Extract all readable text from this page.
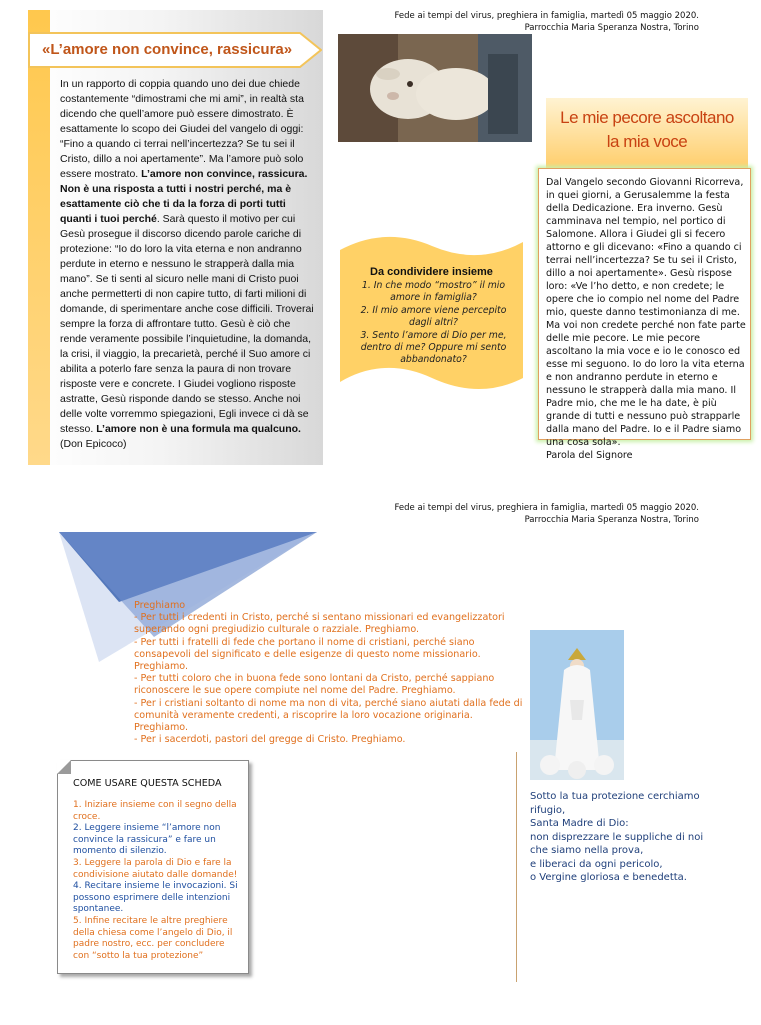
Fede ai tempi del virus, preghiera in famiglia, martedì 05 maggio 2020.
Parrocchia Maria Speranza Nostra, Torino
Fede ai tempi del virus, preghiera in famiglia, martedì 05 maggio 2020.
Parrocchia Maria Speranza Nostra, Torino
«L’amore non convince, rassicura»
In un rapporto di coppia quando uno dei due chiede costantemente “dimostrami che mi ami”, in realtà sta dicendo che quell’amore può essere dimostrato. È esattamente lo scopo dei Giudei del vangelo di oggi: “Fino a quando ci terrai nell’incertezza? Se tu sei il Cristo, dillo a noi apertamente”. Ma l’amore può solo essere mostrato. L’amore non convince, rassicura. Non è una risposta a tutti i nostri perché, ma è esattamente ciò che ti da la forza di porti tutti quanti i tuoi perché. Sarà questo il motivo per cui Gesù prosegue il discorso dicendo parole cariche di protezione: “Io do loro la vita eterna e non andranno perdute in eterno e nessuno le strapperà dalla mia mano”. Se ti senti al sicuro nelle mani di Cristo puoi anche permetterti di non capire tutto, di farti milioni di domande, di sperimentare anche cose difficili. Troverai sempre la forza di affrontare tutto. Gesù è ciò che rende veramente possibile l’inquietudine, la domanda, la crisi, il viaggio, la precarietà, perché il Suo amore ci abilita a poterlo fare senza la paura di non trovare risposte vere e concrete. I Giudei vogliono risposte astratte, Gesù risponde dando se stesso. Anche noi delle volte vorremmo spiegazioni, Egli invece ci dà se stesso. L’amore non è una formula ma qualcuno. (Don Epicoco)
Le mie pecore ascoltano
la mia voce
Dal Vangelo secondo Giovanni Ricorreva, in quei giorni, a Gerusalemme la festa della Dedicazione. Era inverno. Gesù camminava nel tempio, nel portico di Salomone. Allora i Giudei gli si fecero attorno e gli dicevano: «Fino a quando ci terrai nell’incertezza? Se tu sei il Cristo, dillo a noi apertamente». Gesù rispose loro: «Ve l’ho detto, e non credete; le opere che io compio nel nome del Padre mio, queste danno testimonianza di me. Ma voi non credete perché non fate parte delle mie pecore. Le mie pecore ascoltano la mia voce e io le conosco ed esse mi seguono. Io do loro la vita eterna e non andranno perdute in eterno e nessuno le strapperà dalla mia mano. Il Padre mio, che me le ha date, è più grande di tutti e nessuno può strapparle dalla mano del Padre. Io e il Padre siamo una cosa sola».
Parola del Signore
Da condividere insieme
1. In che modo “mostro” il mio amore in famiglia?
2. Il mio amore viene percepito dagli altri?
3. Sento l’amore di Dio per me, dentro di me? Oppure mi sento abbandonato?
Preghiamo
- Per tutti i credenti in Cristo, perché si sentano missionari ed evangelizzatori superando ogni pregiudizio culturale o razziale. Preghiamo.
- Per tutti i fratelli di fede che portano il nome di cristiani, perché siano consapevoli del significato e delle esigenze di questo nome missionario. Preghiamo.
- Per tutti coloro che in buona fede sono lontani da Cristo, perché sappiano riconoscere le sue opere compiute nel nome del Padre. Preghiamo.
- Per i cristiani soltanto di nome ma non di vita, perché siano aiutati dalla fede di comunità veramente credenti, a riscoprire la loro vocazione originaria. Preghiamo.
- Per i sacerdoti, pastori del gregge di Cristo. Preghiamo.
Sotto la tua protezione cerchiamo rifugio,
Santa Madre di Dio:
non disprezzare le suppliche di noi
che siamo nella prova,
e liberaci da ogni pericolo,
o Vergine gloriosa e benedetta.
COME USARE QUESTA SCHEDA

1. Iniziare insieme con il segno della croce.

2. Leggere insieme “l’amore non convince la rassicura” e fare un momento di silenzio.

3. Leggere la parola di Dio e fare la condivisione aiutato dalle domande!

4. Recitare insieme le invocazioni. Si possono esprimere delle intenzioni spontanee.

5. Infine recitare le altre preghiere della chiesa come l’angelo di Dio, il padre nostro, ecc. per concludere con “sotto la tua protezione”
